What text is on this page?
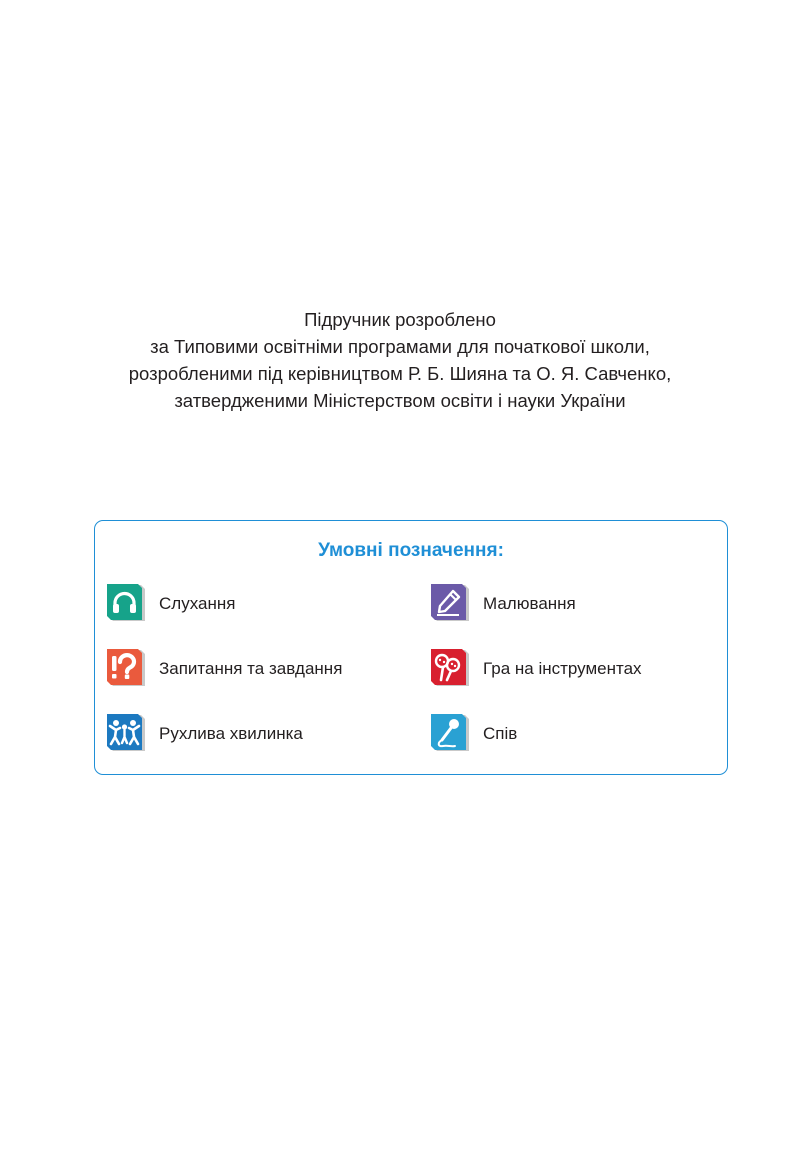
Підручник розроблено
за Типовими освітніми програмами для початкової школи,
розробленими під керівництвом Р. Б. Шияна та О. Я. Савченко,
затвердженими Міністерством освіти і науки України
Умовні позначення:
Слухання	Малювання
Запитання та завдання	Гра на інструментах
Рухлива хвилинка	Спів
